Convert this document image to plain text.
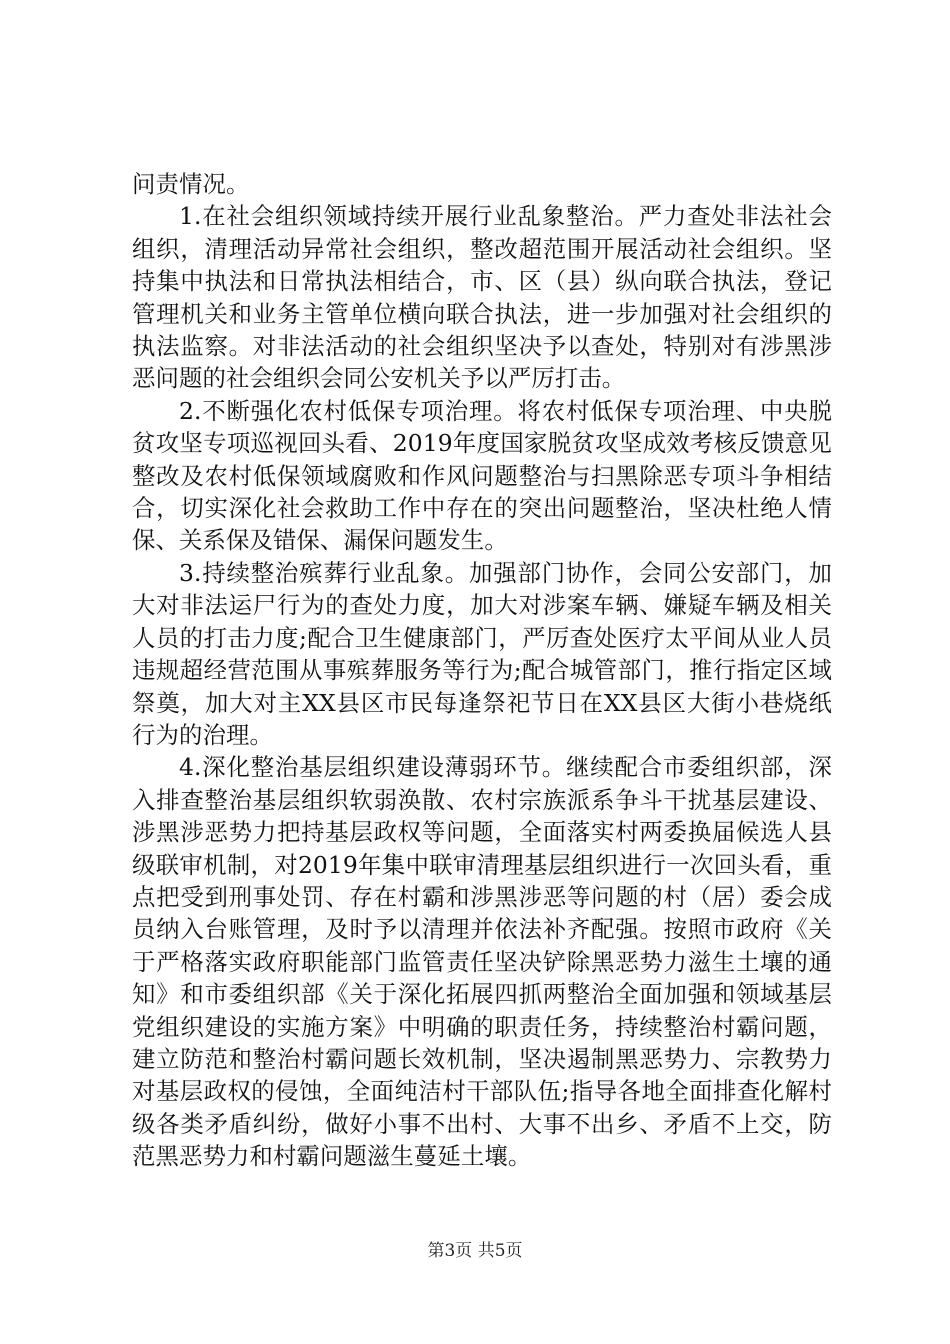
问责情况。

1.在社会组织领域持续开展行业乱象整治。严力查处非法社会组织，清理活动异常社会组织，整改超范围开展活动社会组织。坚持集中执法和日常执法相结合，市、区（县）纵向联合执法，登记管理机关和业务主管单位横向联合执法，进一步加强对社会组织的执法监察。对非法活动的社会组织坚决予以查处，特别对有涉黑涉恶问题的社会组织会同公安机关予以严厉打击。

2.不断强化农村低保专项治理。将农村低保专项治理、中央脱贫攻坚专项巡视回头看、2019年度国家脱贫攻坚成效考核反馈意见整改及农村低保领域腐败和作风问题整治与扫黑除恶专项斗争相结合，切实深化社会救助工作中存在的突出问题整治，坚决杜绝人情保、关系保及错保、漏保问题发生。

3.持续整治殡葬行业乱象。加强部门协作，会同公安部门，加大对非法运尸行为的查处力度，加大对涉案车辆、嫌疑车辆及相关人员的打击力度;配合卫生健康部门，严厉查处医疗太平间从业人员违规超经营范围从事殡葬服务等行为;配合城管部门，推行指定区域祭奠，加大对主XX县区市民每逢祭祀节日在XX县区大街小巷烧纸行为的治理。

4.深化整治基层组织建设薄弱环节。继续配合市委组织部，深入排查整治基层组织软弱涣散、农村宗族派系争斗干扰基层建设、涉黑涉恶势力把持基层政权等问题，全面落实村两委换届候选人县级联审机制，对2019年集中联审清理基层组织进行一次回头看，重点把受到刑事处罚、存在村霸和涉黑涉恶等问题的村（居）委会成员纳入台账管理，及时予以清理并依法补齐配强。按照市政府《关于严格落实政府职能部门监管责任坚决铲除黑恶势力滋生土壤的通知》和市委组织部《关于深化拓展四抓两整治全面加强和领域基层党组织建设的实施方案》中明确的职责任务，持续整治村霸问题，建立防范和整治村霸问题长效机制，坚决遏制黑恶势力、宗教势力对基层政权的侵蚀，全面纯洁村干部队伍;指导各地全面排查化解村级各类矛盾纠纷，做好小事不出村、大事不出乡、矛盾不上交，防范黑恶势力和村霸问题滋生蔓延土壤。

第3页 共5页
